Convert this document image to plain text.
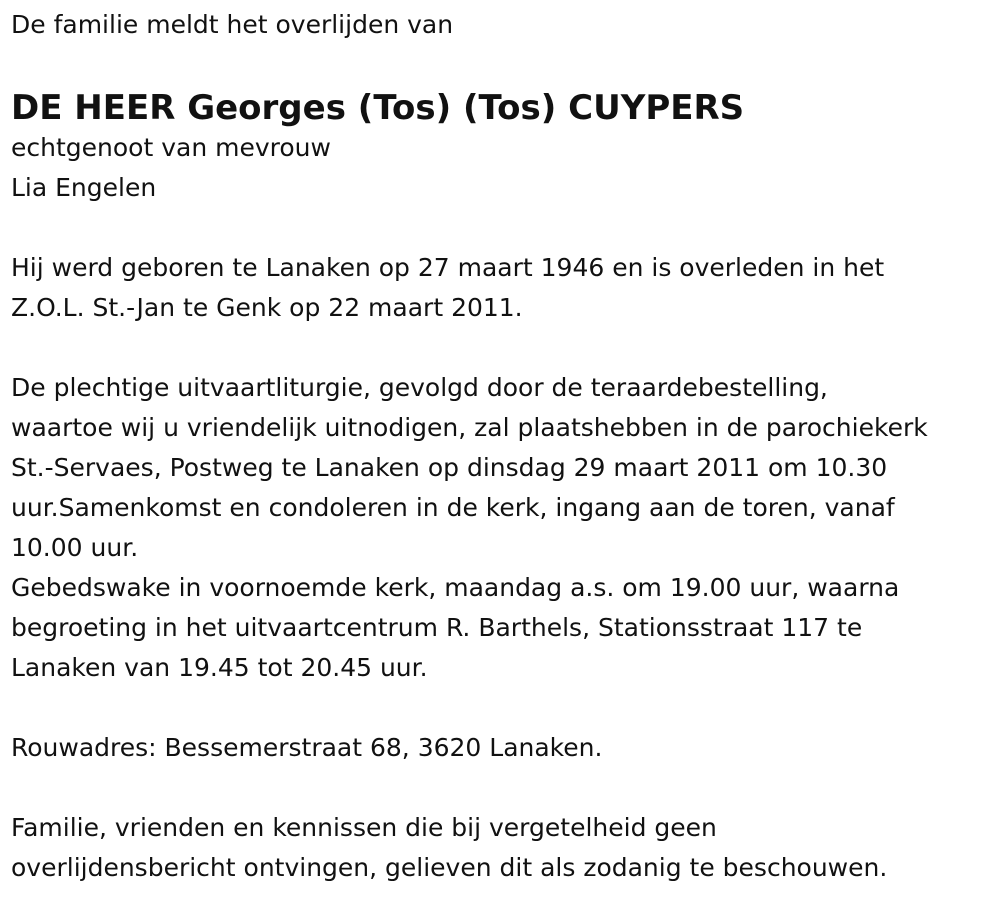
De familie meldt het overlijden van
DE HEER Georges (Tos) (Tos) CUYPERS
echtgenoot van mevrouw
Lia Engelen
Hij werd geboren te Lanaken op 27 maart 1946 en is overleden in het
Z.O.L. St.-Jan te Genk op 22 maart 2011.
De plechtige uitvaartliturgie, gevolgd door de teraardebestelling,
waartoe wij u vriendelijk uitnodigen, zal plaatshebben in de parochiekerk
St.-Servaes, Postweg te Lanaken op dinsdag 29 maart 2011 om 10.30
uur.Samenkomst en condoleren in de kerk, ingang aan de toren, vanaf
10.00 uur.
Gebedswake in voornoemde kerk, maandag a.s. om 19.00 uur, waarna
begroeting in het uitvaartcentrum R. Barthels, Stationsstraat 117 te
Lanaken van 19.45 tot 20.45 uur.
Rouwadres: Bessemerstraat 68, 3620 Lanaken.
Familie, vrienden en kennissen die bij vergetelheid geen
overlijdensbericht ontvingen, gelieven dit als zodanig te beschouwen.
